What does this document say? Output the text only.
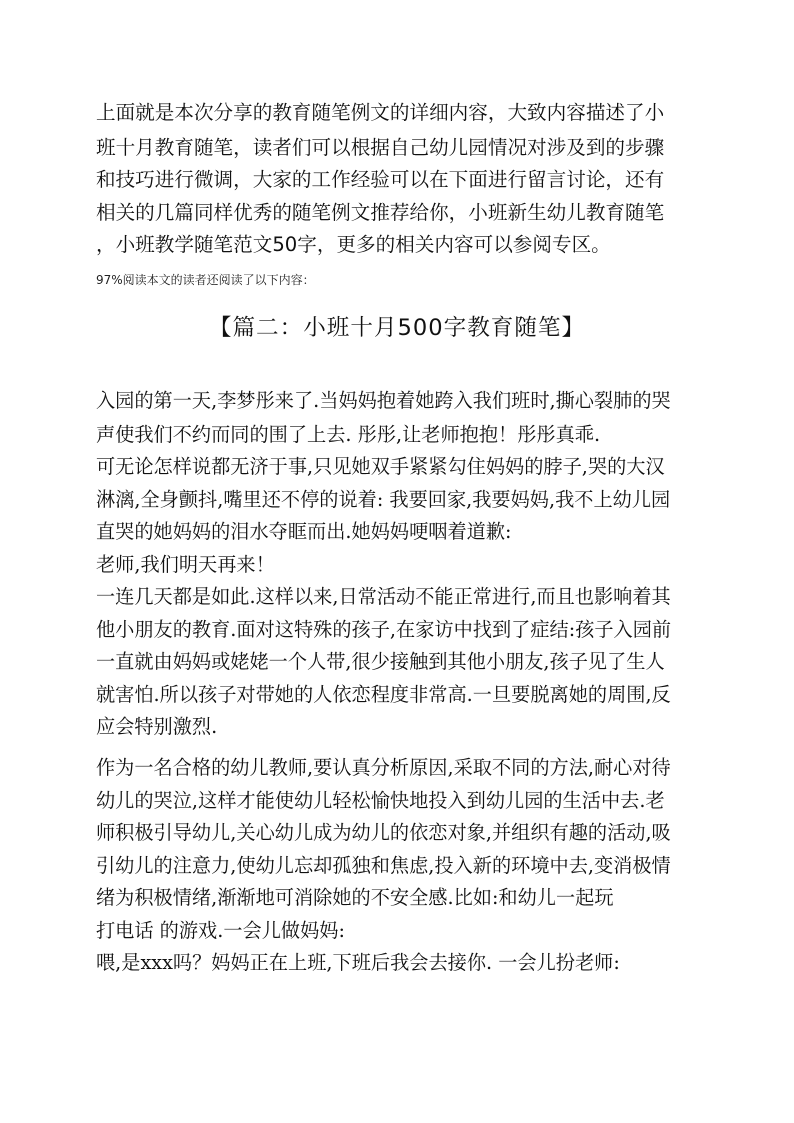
上面就是本次分享的教育随笔例文的详细内容，大致内容描述了小
班十月教育随笔，读者们可以根据自己幼儿园情况对涉及到的步骤
和技巧进行微调，大家的工作经验可以在下面进行留言讨论，还有
相关的几篇同样优秀的随笔例文推荐给你，小班新生幼儿教育随笔
，小班教学随笔范文50字，更多的相关内容可以参阅专区。
97%阅读本文的读者还阅读了以下内容：
【篇二：小班十月500字教育随笔】
入园的第一天,李梦彤来了.当妈妈抱着她跨入我们班时,撕心裂肺的哭
声使我们不约而同的围了上去. 彤彤,让老师抱抱！彤彤真乖.
可无论怎样说都无济于事,只见她双手紧紧勾住妈妈的脖子,哭的大汉
淋漓,全身颤抖,嘴里还不停的说着: 我要回家,我要妈妈,我不上幼儿园
直哭的她妈妈的泪水夺眶而出.她妈妈哽咽着道歉:
老师,我们明天再来！
一连几天都是如此.这样以来,日常活动不能正常进行,而且也影响着其
他小朋友的教育.面对这特殊的孩子,在家访中找到了症结:孩子入园前
一直就由妈妈或姥姥一个人带,很少接触到其他小朋友,孩子见了生人
就害怕.所以孩子对带她的人依恋程度非常高.一旦要脱离她的周围,反
应会特别激烈.
作为一名合格的幼儿教师,要认真分析原因,采取不同的方法,耐心对待
幼儿的哭泣,这样才能使幼儿轻松愉快地投入到幼儿园的生活中去.老
师积极引导幼儿,关心幼儿成为幼儿的依恋对象,并组织有趣的活动,吸
引幼儿的注意力,使幼儿忘却孤独和焦虑,投入新的环境中去,变消极情
绪为积极情绪,渐渐地可消除她的不安全感.比如:和幼儿一起玩
打电话 的游戏.一会儿做妈妈:
喂,是xxx吗？妈妈正在上班,下班后我会去接你. 一会儿扮老师:
